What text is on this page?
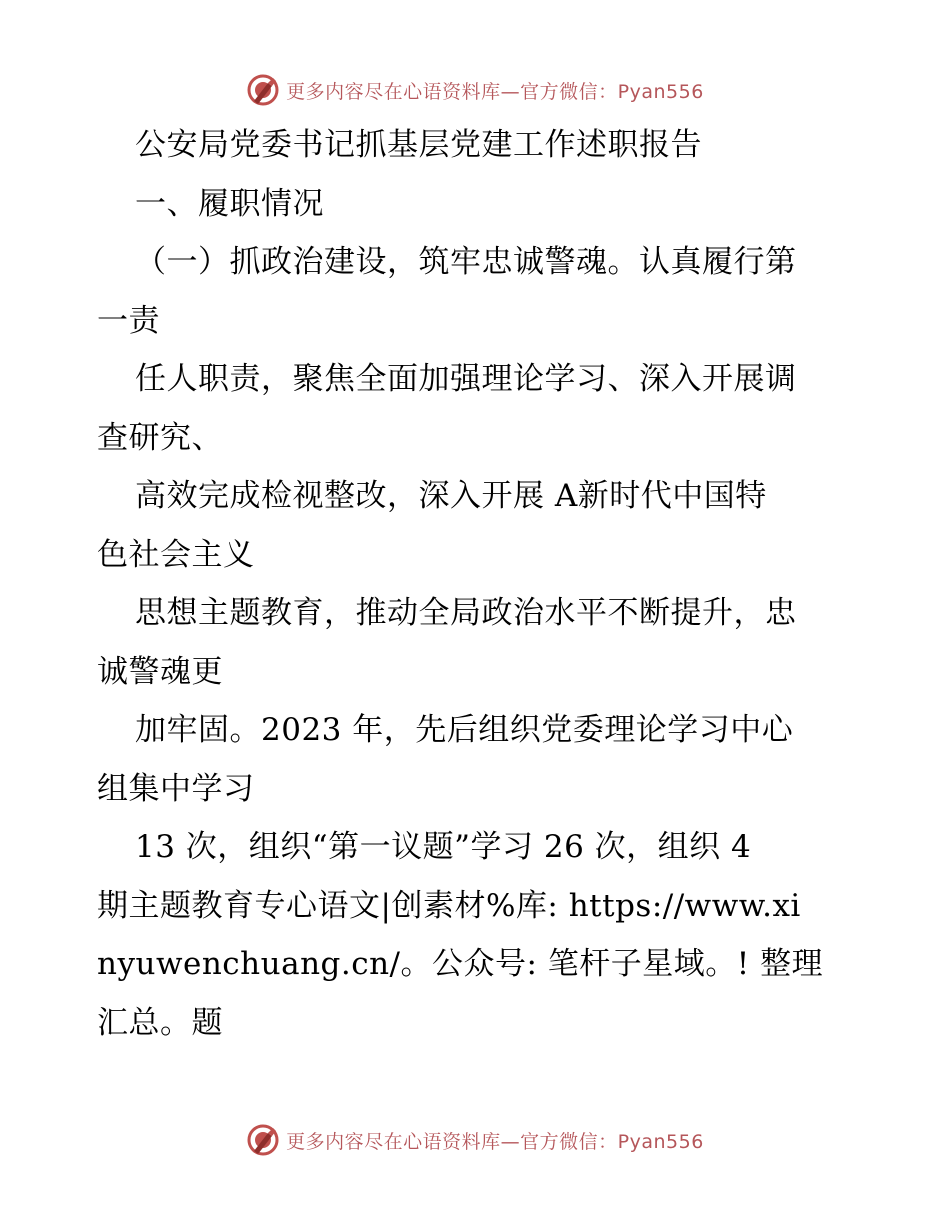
更多内容尽在心语资料库—官方微信：Pyan556
公安局党委书记抓基层党建工作述职报告
一、履职情况
（一）抓政治建设，筑牢忠诚警魂。认真履行第
一责
任人职责，聚焦全面加强理论学习、深入开展调
查研究、
高效完成检视整改，深入开展 A新时代中国特
色社会主义
思想主题教育，推动全局政治水平不断提升，忠
诚警魂更
加牢固。2023 年，先后组织党委理论学习中心
组集中学习
13 次，组织“第一议题”学习 26 次，组织 4
期主题教育专心语文|创素材%库: https://www.xi
nyuwenchuang.cn/。公众号: 笔杆子星域。! 整理
汇总。题
更多内容尽在心语资料库—官方微信：Pyan556
